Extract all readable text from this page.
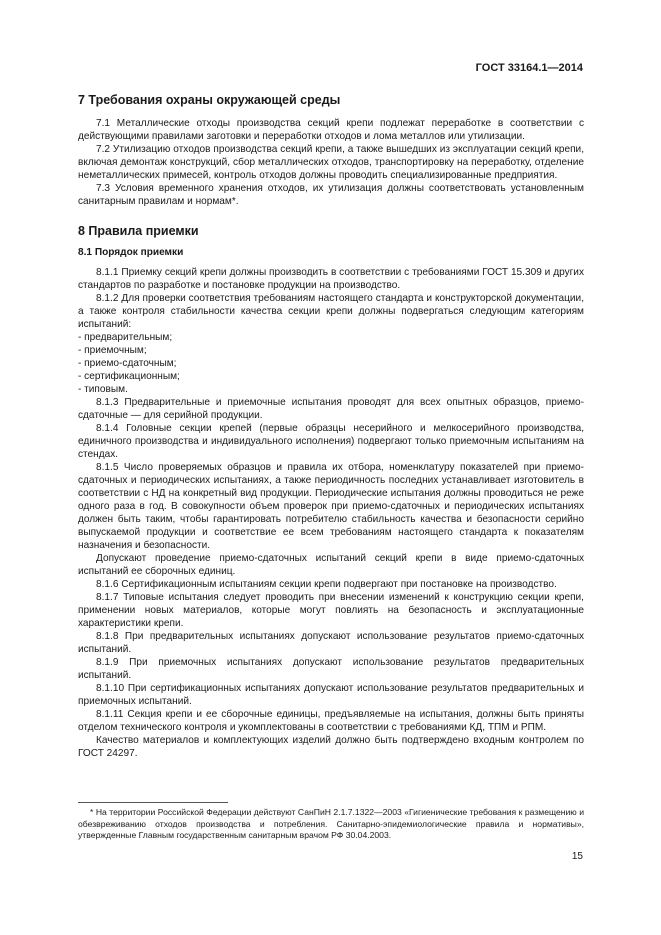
ГОСТ 33164.1—2014
7 Требования охраны окружающей среды

7.1 Металлические отходы производства секций крепи подлежат переработке в соответствии с действующими правилами заготовки и переработки отходов и лома металлов или утилизации.

7.2 Утилизацию отходов производства секций крепи, а также вышедших из эксплуатации секций крепи, включая демонтаж конструкций, сбор металлических отходов, транспортировку на переработку, отделение неметаллических примесей, контроль отходов должны проводить специализированные предприятия.

7.3 Условия временного хранения отходов, их утилизация должны соответствовать установленным санитарным правилам и нормам*.

8 Правила приемки
8.1 Порядок приемки

8.1.1 Приемку секций крепи должны производить в соответствии с требованиями ГОСТ 15.309 и других стандартов по разработке и постановке продукции на производство.

8.1.2 Для проверки соответствия требованиям настоящего стандарта и конструкторской документации, а также контроля стабильности качества секции крепи должны подвергаться следующим категориям испытаний:

- предварительным;
- приемочным;
- приемо-сдаточным;
- сертификационным;
- типовым.

8.1.3 Предварительные и приемочные испытания проводят для всех опытных образцов, приемо-сдаточные — для серийной продукции.

8.1.4 Головные секции крепей (первые образцы несерийного и мелкосерийного производства, единичного производства и индивидуального исполнения) подвергают только приемочным испытаниям на стендах.

8.1.5 Число проверяемых образцов и правила их отбора, номенклатуру показателей при приемо-сдаточных и периодических испытаниях, а также периодичность последних устанавливает изготовитель в соответствии с НД на конкретный вид продукции. Периодические испытания должны проводиться не реже одного раза в год. В совокупности объем проверок при приемо-сдаточных и периодических испытаниях должен быть таким, чтобы гарантировать потребителю стабильность качества и безопасности серийно выпускаемой продукции и соответствие ее всем требованиям настоящего стандарта к показателям назначения и безопасности.

Допускают проведение приемо-сдаточных испытаний секций крепи в виде приемо-сдаточных испытаний ее сборочных единиц.

8.1.6 Сертификационным испытаниям секции крепи подвергают при постановке на производство.

8.1.7 Типовые испытания следует проводить при внесении изменений к конструкцию секции крепи, применении новых материалов, которые могут повлиять на безопасность и эксплуатационные характеристики крепи.

8.1.8 При предварительных испытаниях допускают использование результатов приемо-сдаточных испытаний.

8.1.9 При приемочных испытаниях допускают использование результатов предварительных испытаний.

8.1.10 При сертификационных испытаниях допускают использование результатов предварительных и приемочных испытаний.

8.1.11 Секция крепи и ее сборочные единицы, предъявляемые на испытания, должны быть приняты отделом технического контроля и укомплектованы в соответствии с требованиями КД, ТПМ и РПМ.

Качество материалов и комплектующих изделий должно быть подтверждено входным контролем по ГОСТ 24297.

* На территории Российской Федерации действуют СанПиН 2.1.7.1322—2003 «Гигиенические требования к размещению и обезвреживанию отходов производства и потребления. Санитарно-эпидемиологические правила и нормативы», утвержденные Главным государственным санитарным врачом РФ 30.04.2003.

15
